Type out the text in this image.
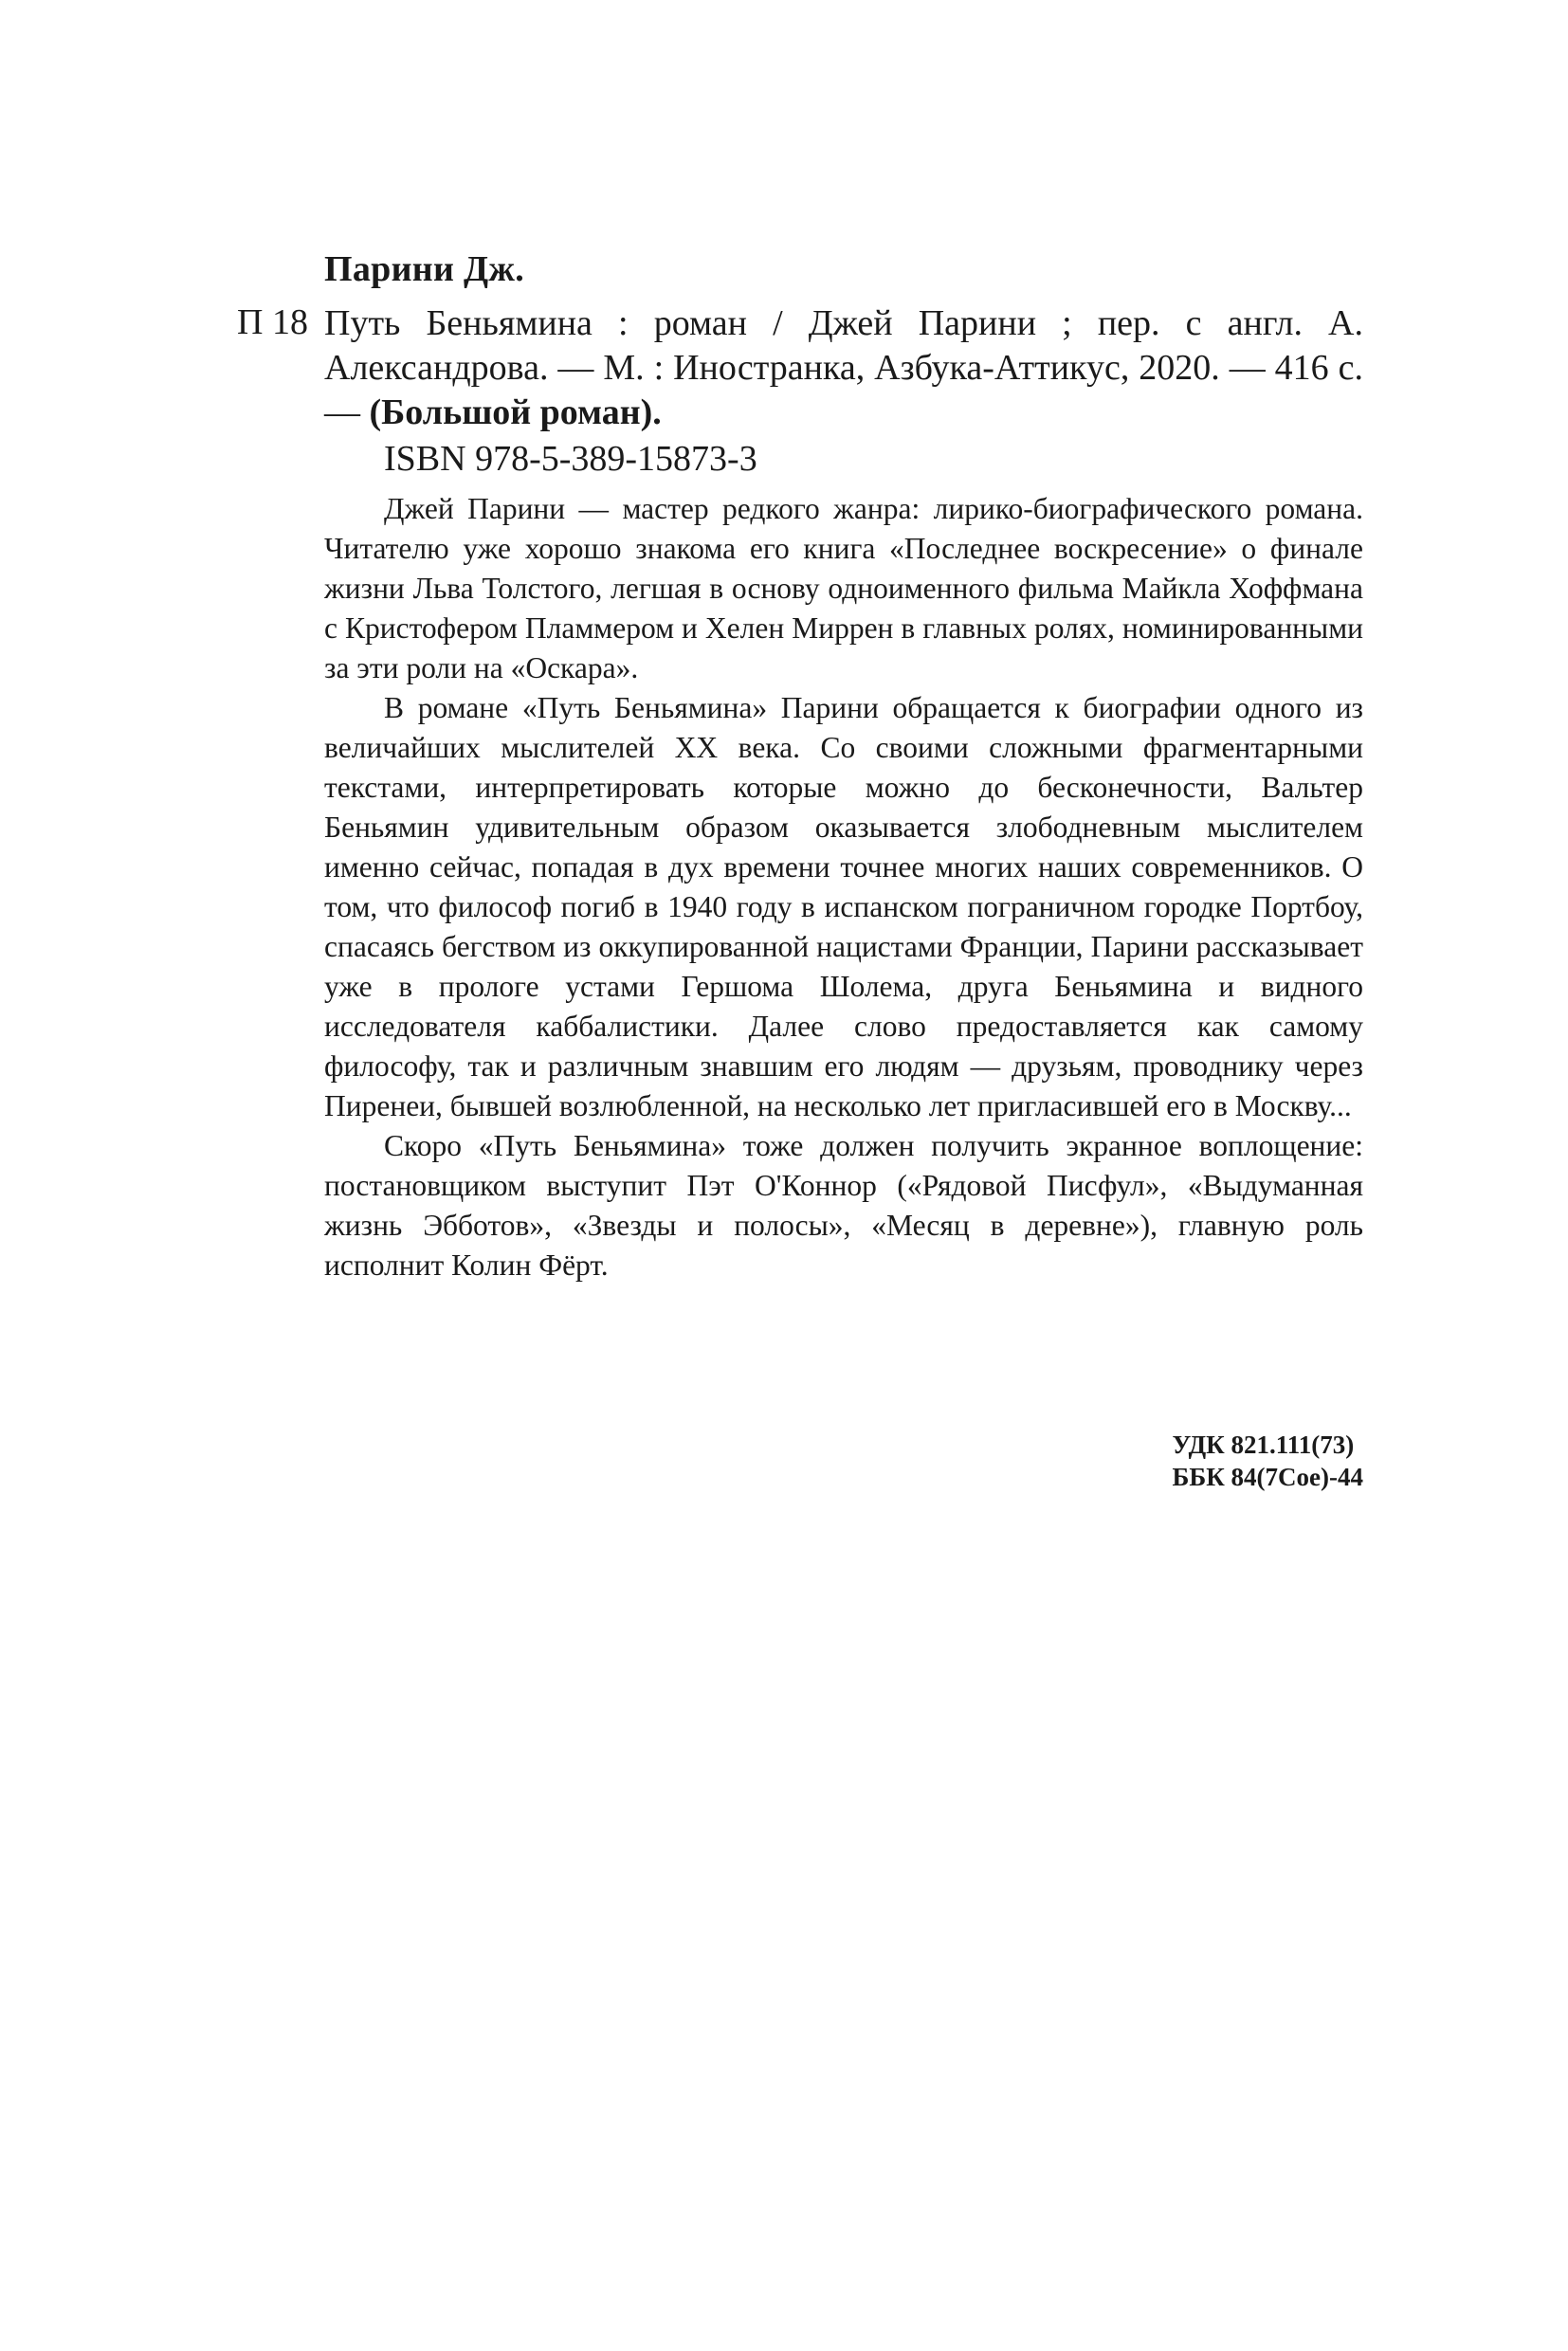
Парини Дж.
П 18 Путь Беньямина : роман / Джей Парини ; пер. с англ. А. Александрова. — М. : Иностранка, Азбука-Аттикус, 2020. — 416 с. — (Большой роман).
ISBN 978-5-389-15873-3

Джей Парини — мастер редкого жанра: лирико-биографического романа. Читателю уже хорошо знакома его книга «Последнее воскресение» о финале жизни Льва Толстого, легшая в основу одноименного фильма Майкла Хоффмана с Кристофером Пламмером и Хелен Миррен в главных ролях, номинированными за эти роли на «Оскара».

В романе «Путь Беньямина» Парини обращается к биографии одного из величайших мыслителей XX века. Со своими сложными фрагментарными текстами, интерпретировать которые можно до бесконечности, Вальтер Беньямин удивительным образом оказывается злободневным мыслителем именно сейчас, попадая в дух времени точнее многих наших современников. О том, что философ погиб в 1940 году в испанском пограничном городке Портбоу, спасаясь бегством из оккупированной нацистами Франции, Парини рассказывает уже в прологе устами Гершома Шолема, друга Беньямина и видного исследователя каббалистики. Далее слово предоставляется как самому философу, так и различным знавшим его людям — друзьям, проводнику через Пиренеи, бывшей возлюбленной, на несколько лет пригласившей его в Москву...

Скоро «Путь Беньямина» тоже должен получить экранное воплощение: постановщиком выступит Пэт О'Коннор («Рядовой Писфул», «Выдуманная жизнь Эбботов», «Звезды и полосы», «Месяц в деревне»), главную роль исполнит Колин Фёрт.

УДК 821.111(73)
ББК 84(7Сое)-44
